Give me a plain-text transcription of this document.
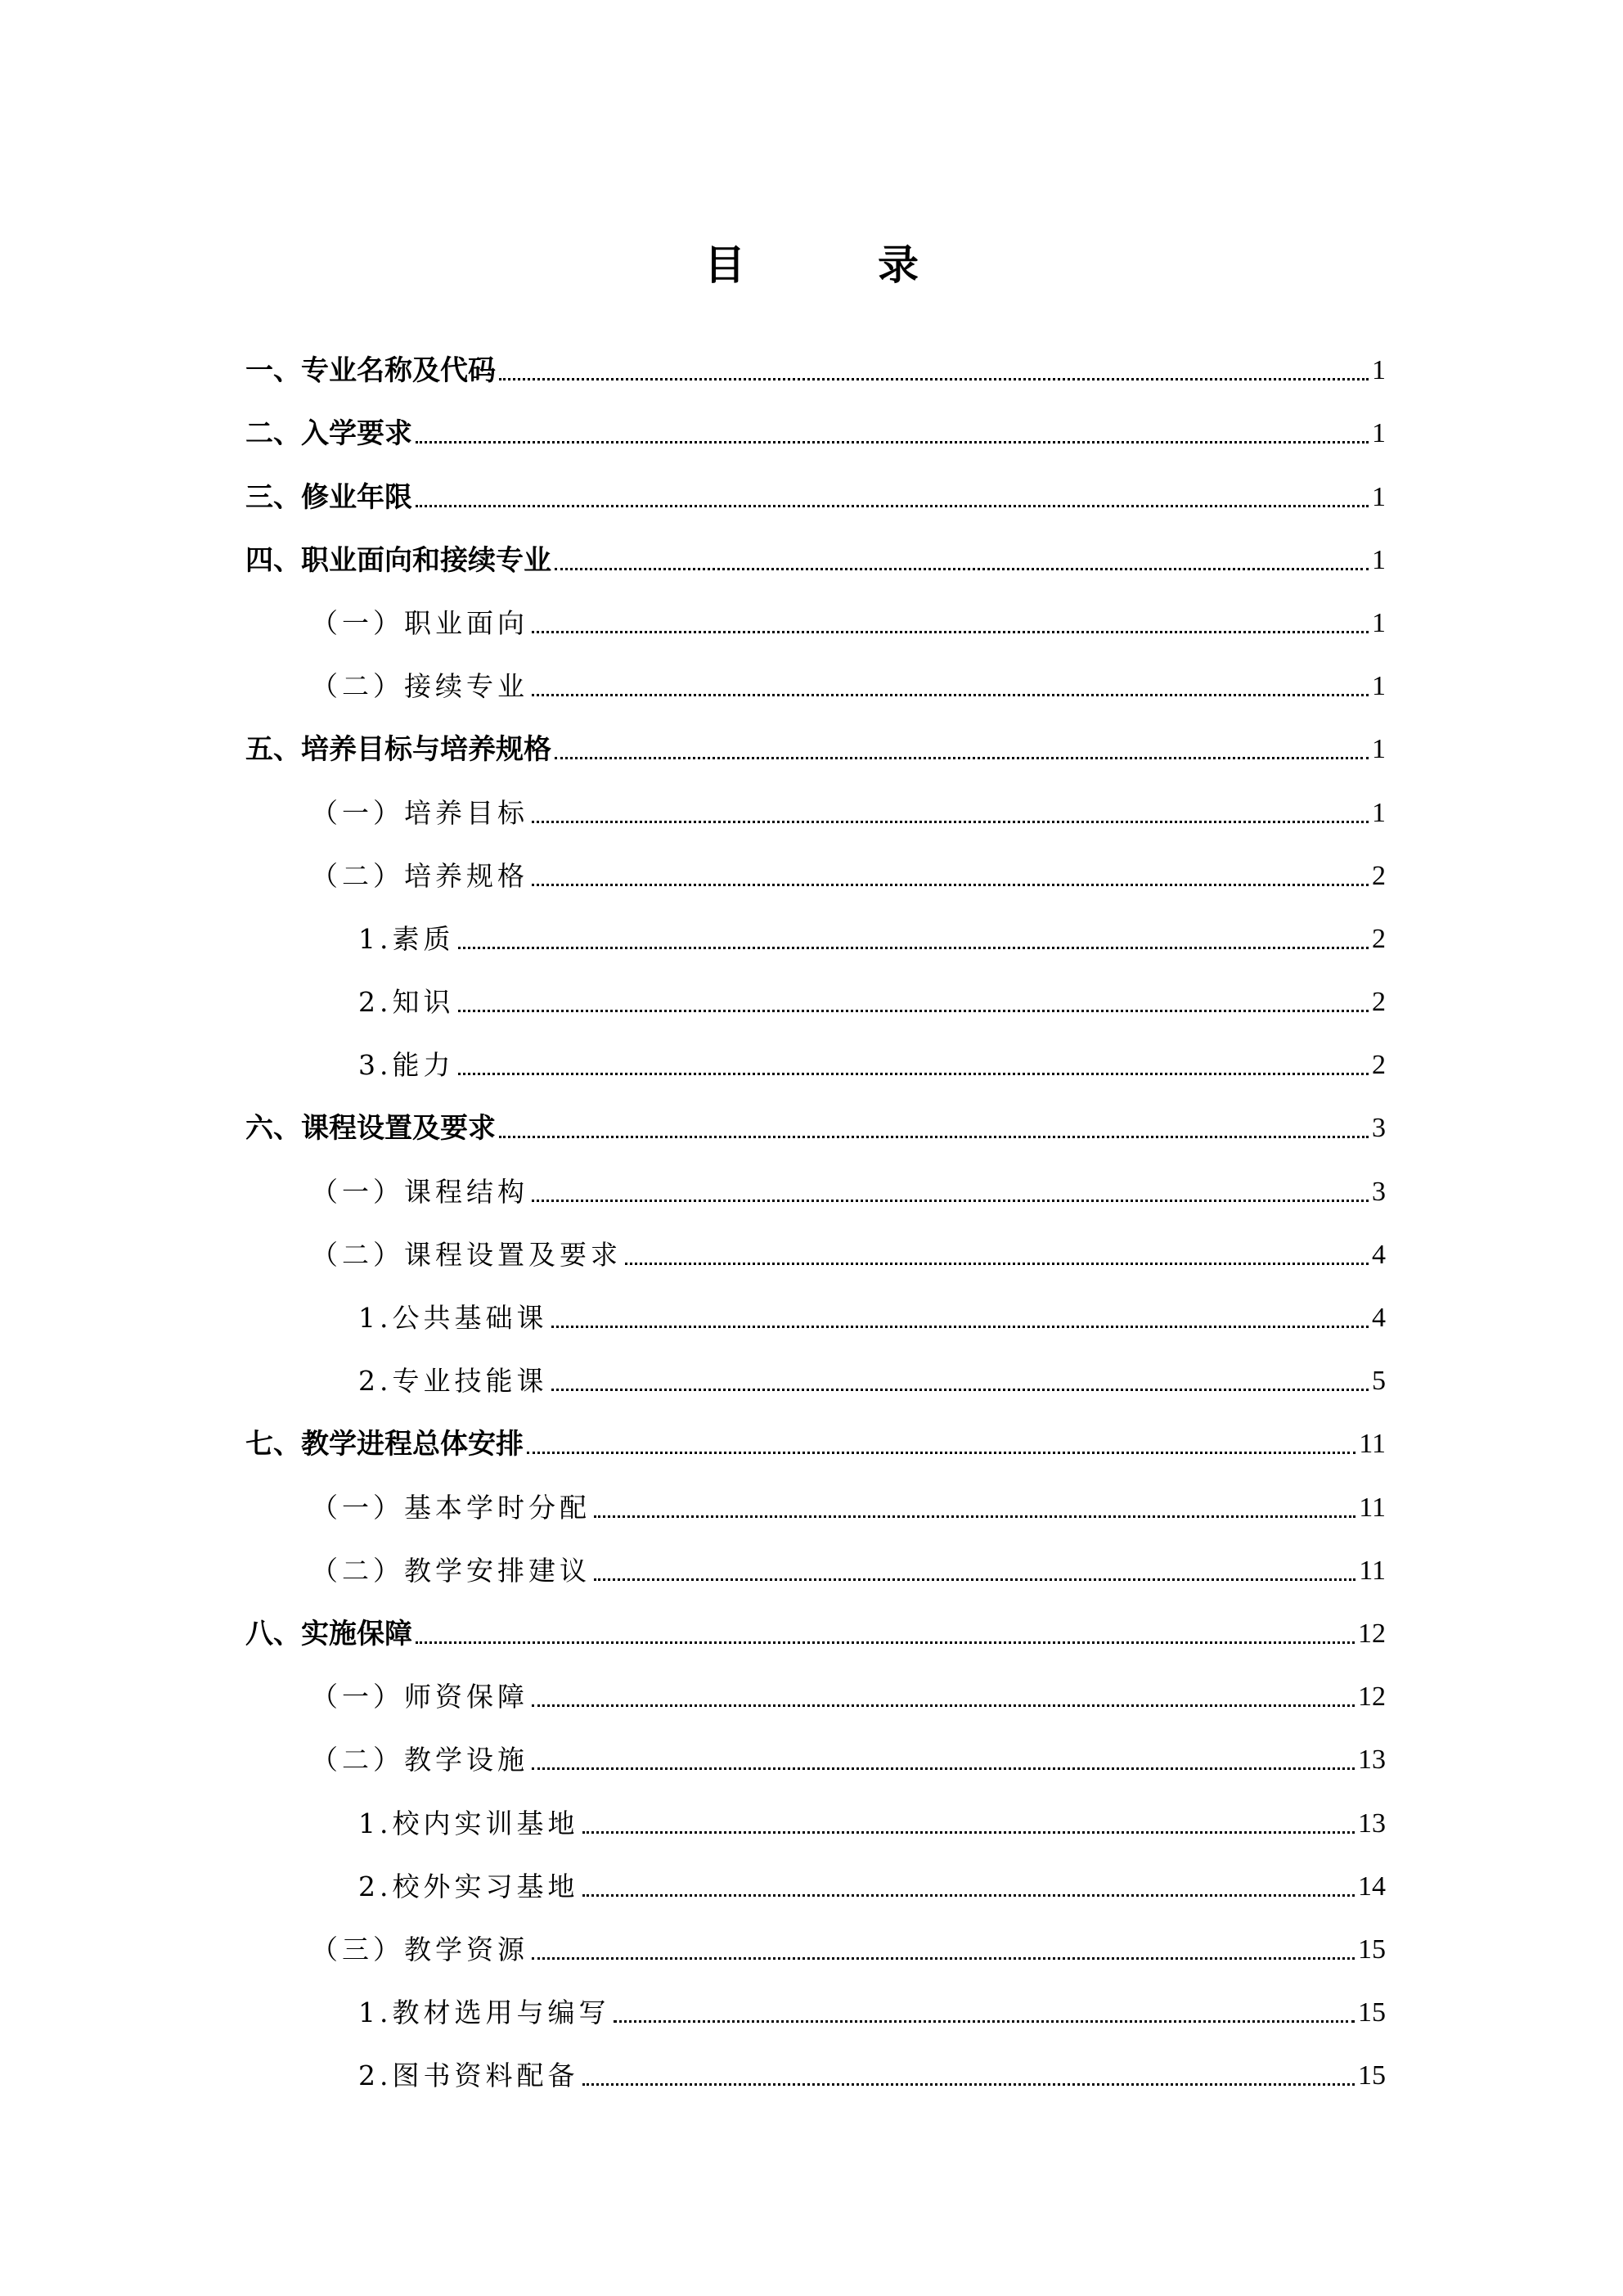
目　录
一、专业名称及代码	1
二、入学要求	1
三、修业年限	1
四、职业面向和接续专业	1
（一）职业面向	1
（二）接续专业	1
五、培养目标与培养规格	1
（一）培养目标	1
（二）培养规格	2
1.素质	2
2.知识	2
3.能力	2
六、课程设置及要求	3
（一）课程结构	3
（二）课程设置及要求	4
1.公共基础课	4
2.专业技能课	5
七、教学进程总体安排	11
（一）基本学时分配	11
（二）教学安排建议	11
八、实施保障	12
（一）师资保障	12
（二）教学设施	13
1.校内实训基地	13
2.校外实习基地	14
（三）教学资源	15
1.教材选用与编写	15
2.图书资料配备	15
